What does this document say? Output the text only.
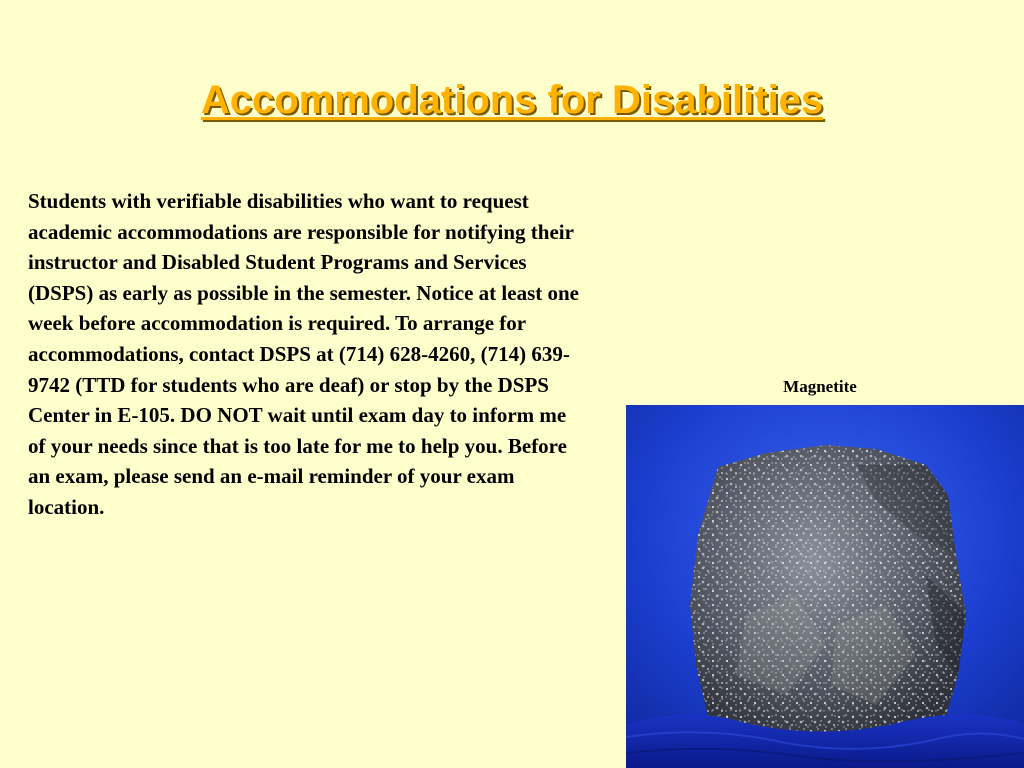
Accommodations for Disabilities
Students with verifiable disabilities who want to request academic accommodations are responsible for notifying their instructor and Disabled Student Programs and Services (DSPS) as early as possible in the semester. Notice at least one week before accommodation is required. To arrange for accommodations, contact DSPS at (714) 628-4260, (714) 639-9742 (TTD for students who are deaf) or stop by the DSPS Center in E-105. DO NOT wait until exam day to inform me of your needs since that is too late for me to help you. Before an exam, please send an e-mail reminder of your exam location.
Magnetite
